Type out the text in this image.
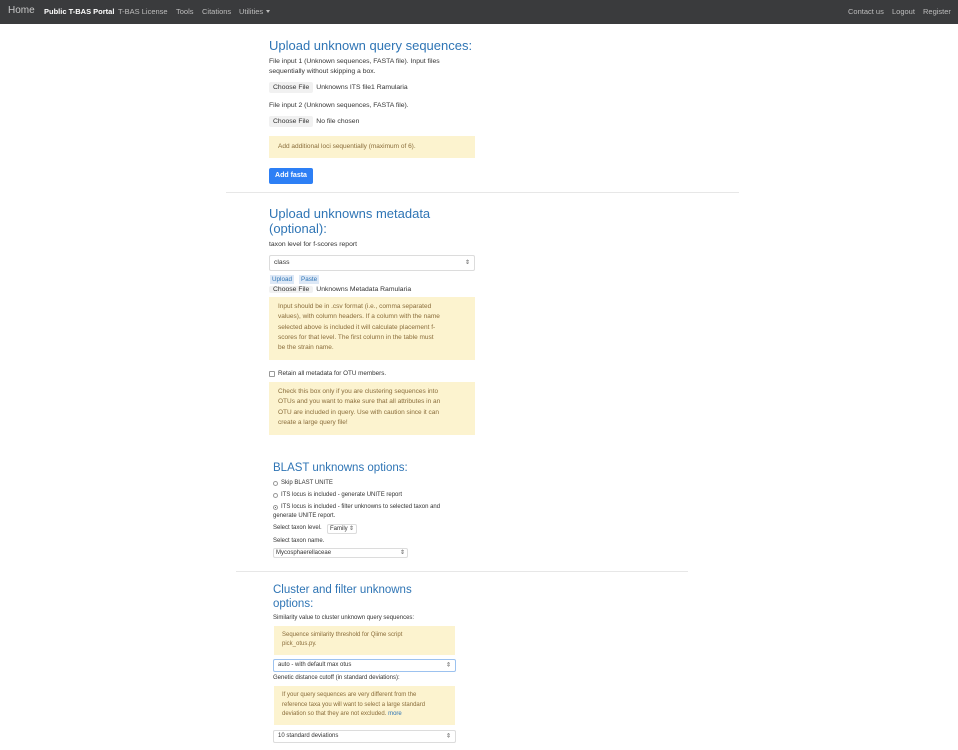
Home Public T-BAS Portal T-BAS License Tools Citations Utilities	Contact us Logout Register
Upload unknown query sequences:
File input 1 (Unknown sequences, FASTA file). Input files
sequentially without skipping a box.
Choose File Unknowns ITS file1 Ramularia
File input 2 (Unknown sequences, FASTA file).
Choose File No file chosen
Add additional loci sequentially (maximum of 6).
Add fasta
Upload unknowns metadata
(optional):
taxon level for f-scores report
class	⇕
Upload	Paste
Choose File Unknowns Metadata Ramularia
Input should be in .csv format (i.e., comma separated
values), with column headers. If a column with the name
selected above is included it will calculate placement f-
scores for that level. The first column in the table must
be the strain name.
Retain all metadata for OTU members.
Check this box only if you are clustering sequences into
OTUs and you want to make sure that all attributes in an
OTU are included in query. Use with caution since it can
create a large query file!
BLAST unknowns options:
Skip BLAST UNITE
ITS locus is included - generate UNITE report
ITS locus is included - filter unknowns to selected taxon and
generate UNITE report.
Select taxon level.	Family ⇕
Select taxon name.
Mycosphaerellaceae	⇕
Cluster and filter unknowns
options:
Similarity value to cluster unknown query sequences:
Sequence similarity threshold for Qiime script
pick_otus.py.
auto - with default max otus	⇕
Genetic distance cutoff (in standard deviations):
If your query sequences are very different from the
reference taxa you will want to select a large standard
deviation so that they are not excluded. more
10 standard deviations	⇕
